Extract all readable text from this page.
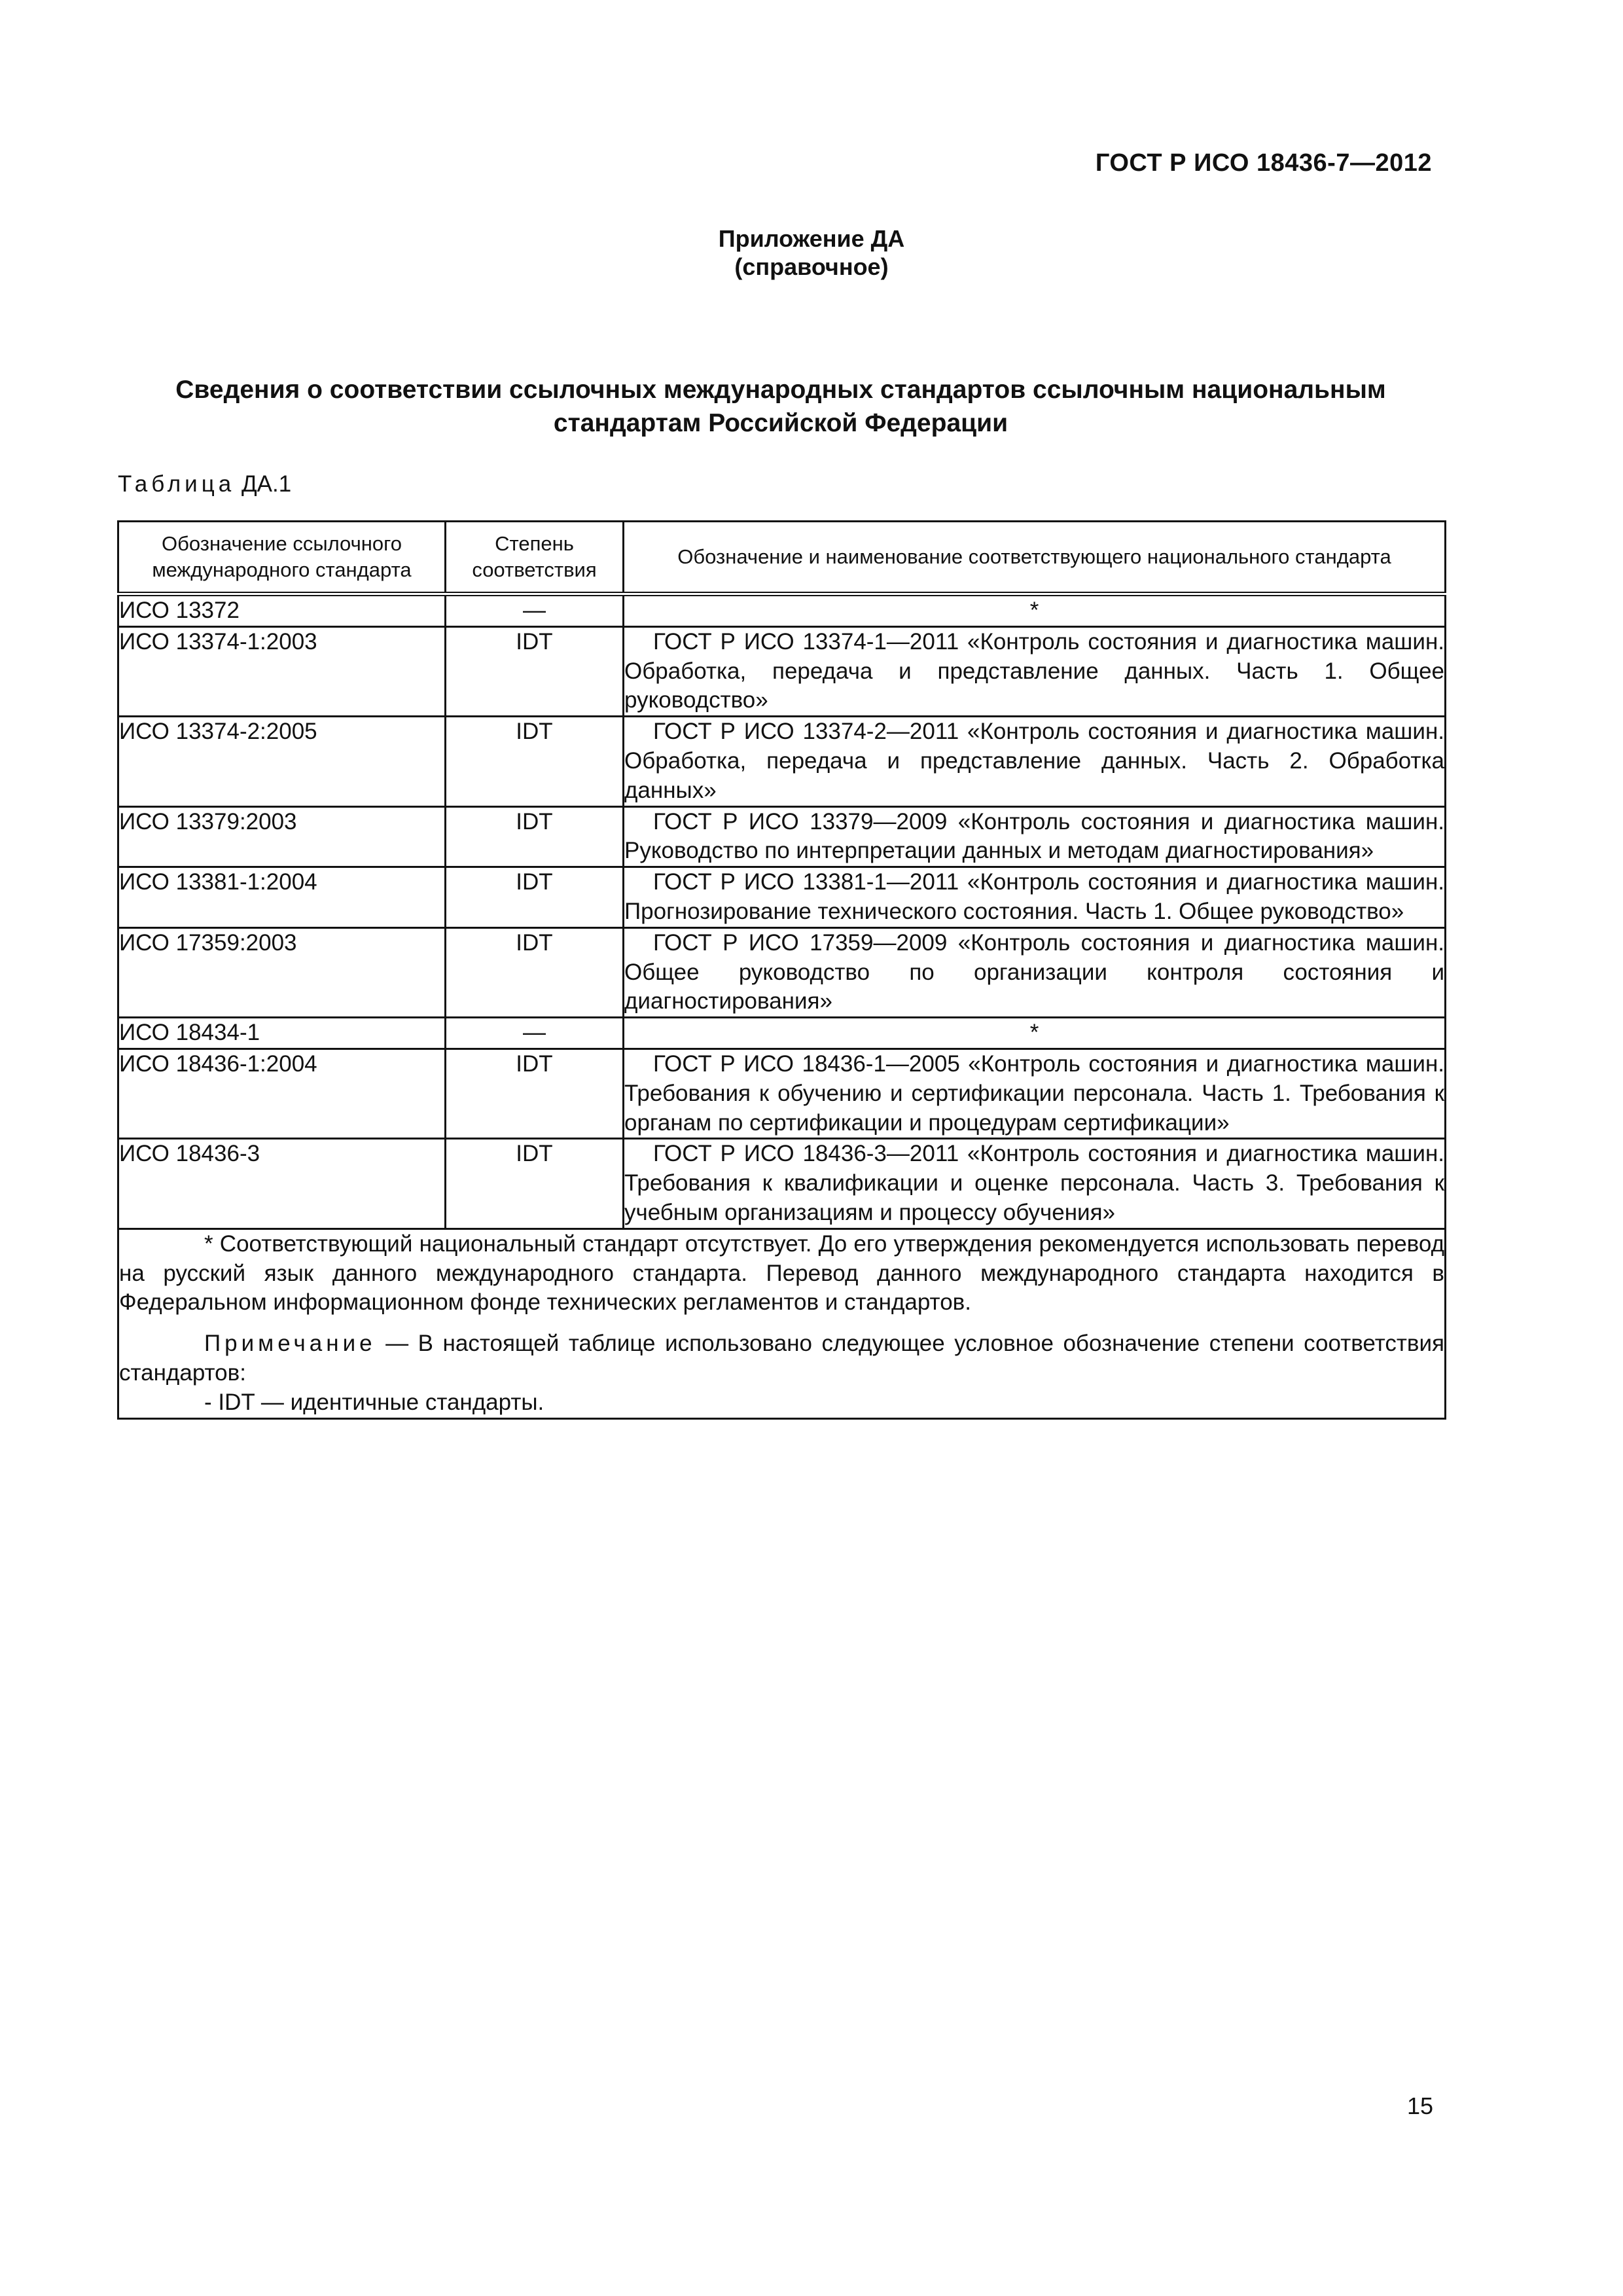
ГОСТ Р ИСО 18436-7—2012
Приложение ДА
(справочное)
Сведения о соответствии ссылочных международных стандартов ссылочным национальным стандартам Российской Федерации
Таблица ДА.1
Обозначение ссылочного международного стандарта	Степень соответствия	Обозначение и наименование соответствующего национального стандарта
ИСО 13372	—	*
ИСО 13374-1:2003	IDT	ГОСТ Р ИСО 13374-1—2011 «Контроль состояния и диагностика машин. Обработка, передача и представление данных. Часть 1. Общее руководство»
ИСО 13374-2:2005	IDT	ГОСТ Р ИСО 13374-2—2011 «Контроль состояния и диагностика машин. Обработка, передача и представление данных. Часть 2. Обработка данных»
ИСО 13379:2003	IDT	ГОСТ Р ИСО 13379—2009 «Контроль состояния и диагностика машин. Руководство по интерпретации данных и методам диагностирования»
ИСО 13381-1:2004	IDT	ГОСТ Р ИСО 13381-1—2011 «Контроль состояния и диагностика машин. Прогнозирование технического состояния. Часть 1. Общее руководство»
ИСО 17359:2003	IDT	ГОСТ Р ИСО 17359—2009 «Контроль состояния и диагностика машин. Общее руководство по организации контроля состояния и диагностирования»
ИСО 18434-1	—	*
ИСО 18436-1:2004	IDT	ГОСТ Р ИСО 18436-1—2005 «Контроль состояния и диагностика машин. Требования к обучению и сертификации персонала. Часть 1. Требования к органам по сертификации и процедурам сертификации»
ИСО 18436-3	IDT	ГОСТ Р ИСО 18436-3—2011 «Контроль состояния и диагностика машин. Требования к квалификации и оценке персонала. Часть 3. Требования к учебным организациям и процессу обучения»

* Соответствующий национальный стандарт отсутствует. До его утверждения рекомендуется использовать перевод на русский язык данного международного стандарта. Перевод данного международного стандарта находится в Федеральном информационном фонде технических регламентов и стандартов.

Примечание — В настоящей таблице использовано следующее условное обозначение степени соответствия стандартов:

- IDT — идентичные стандарты.		

15
